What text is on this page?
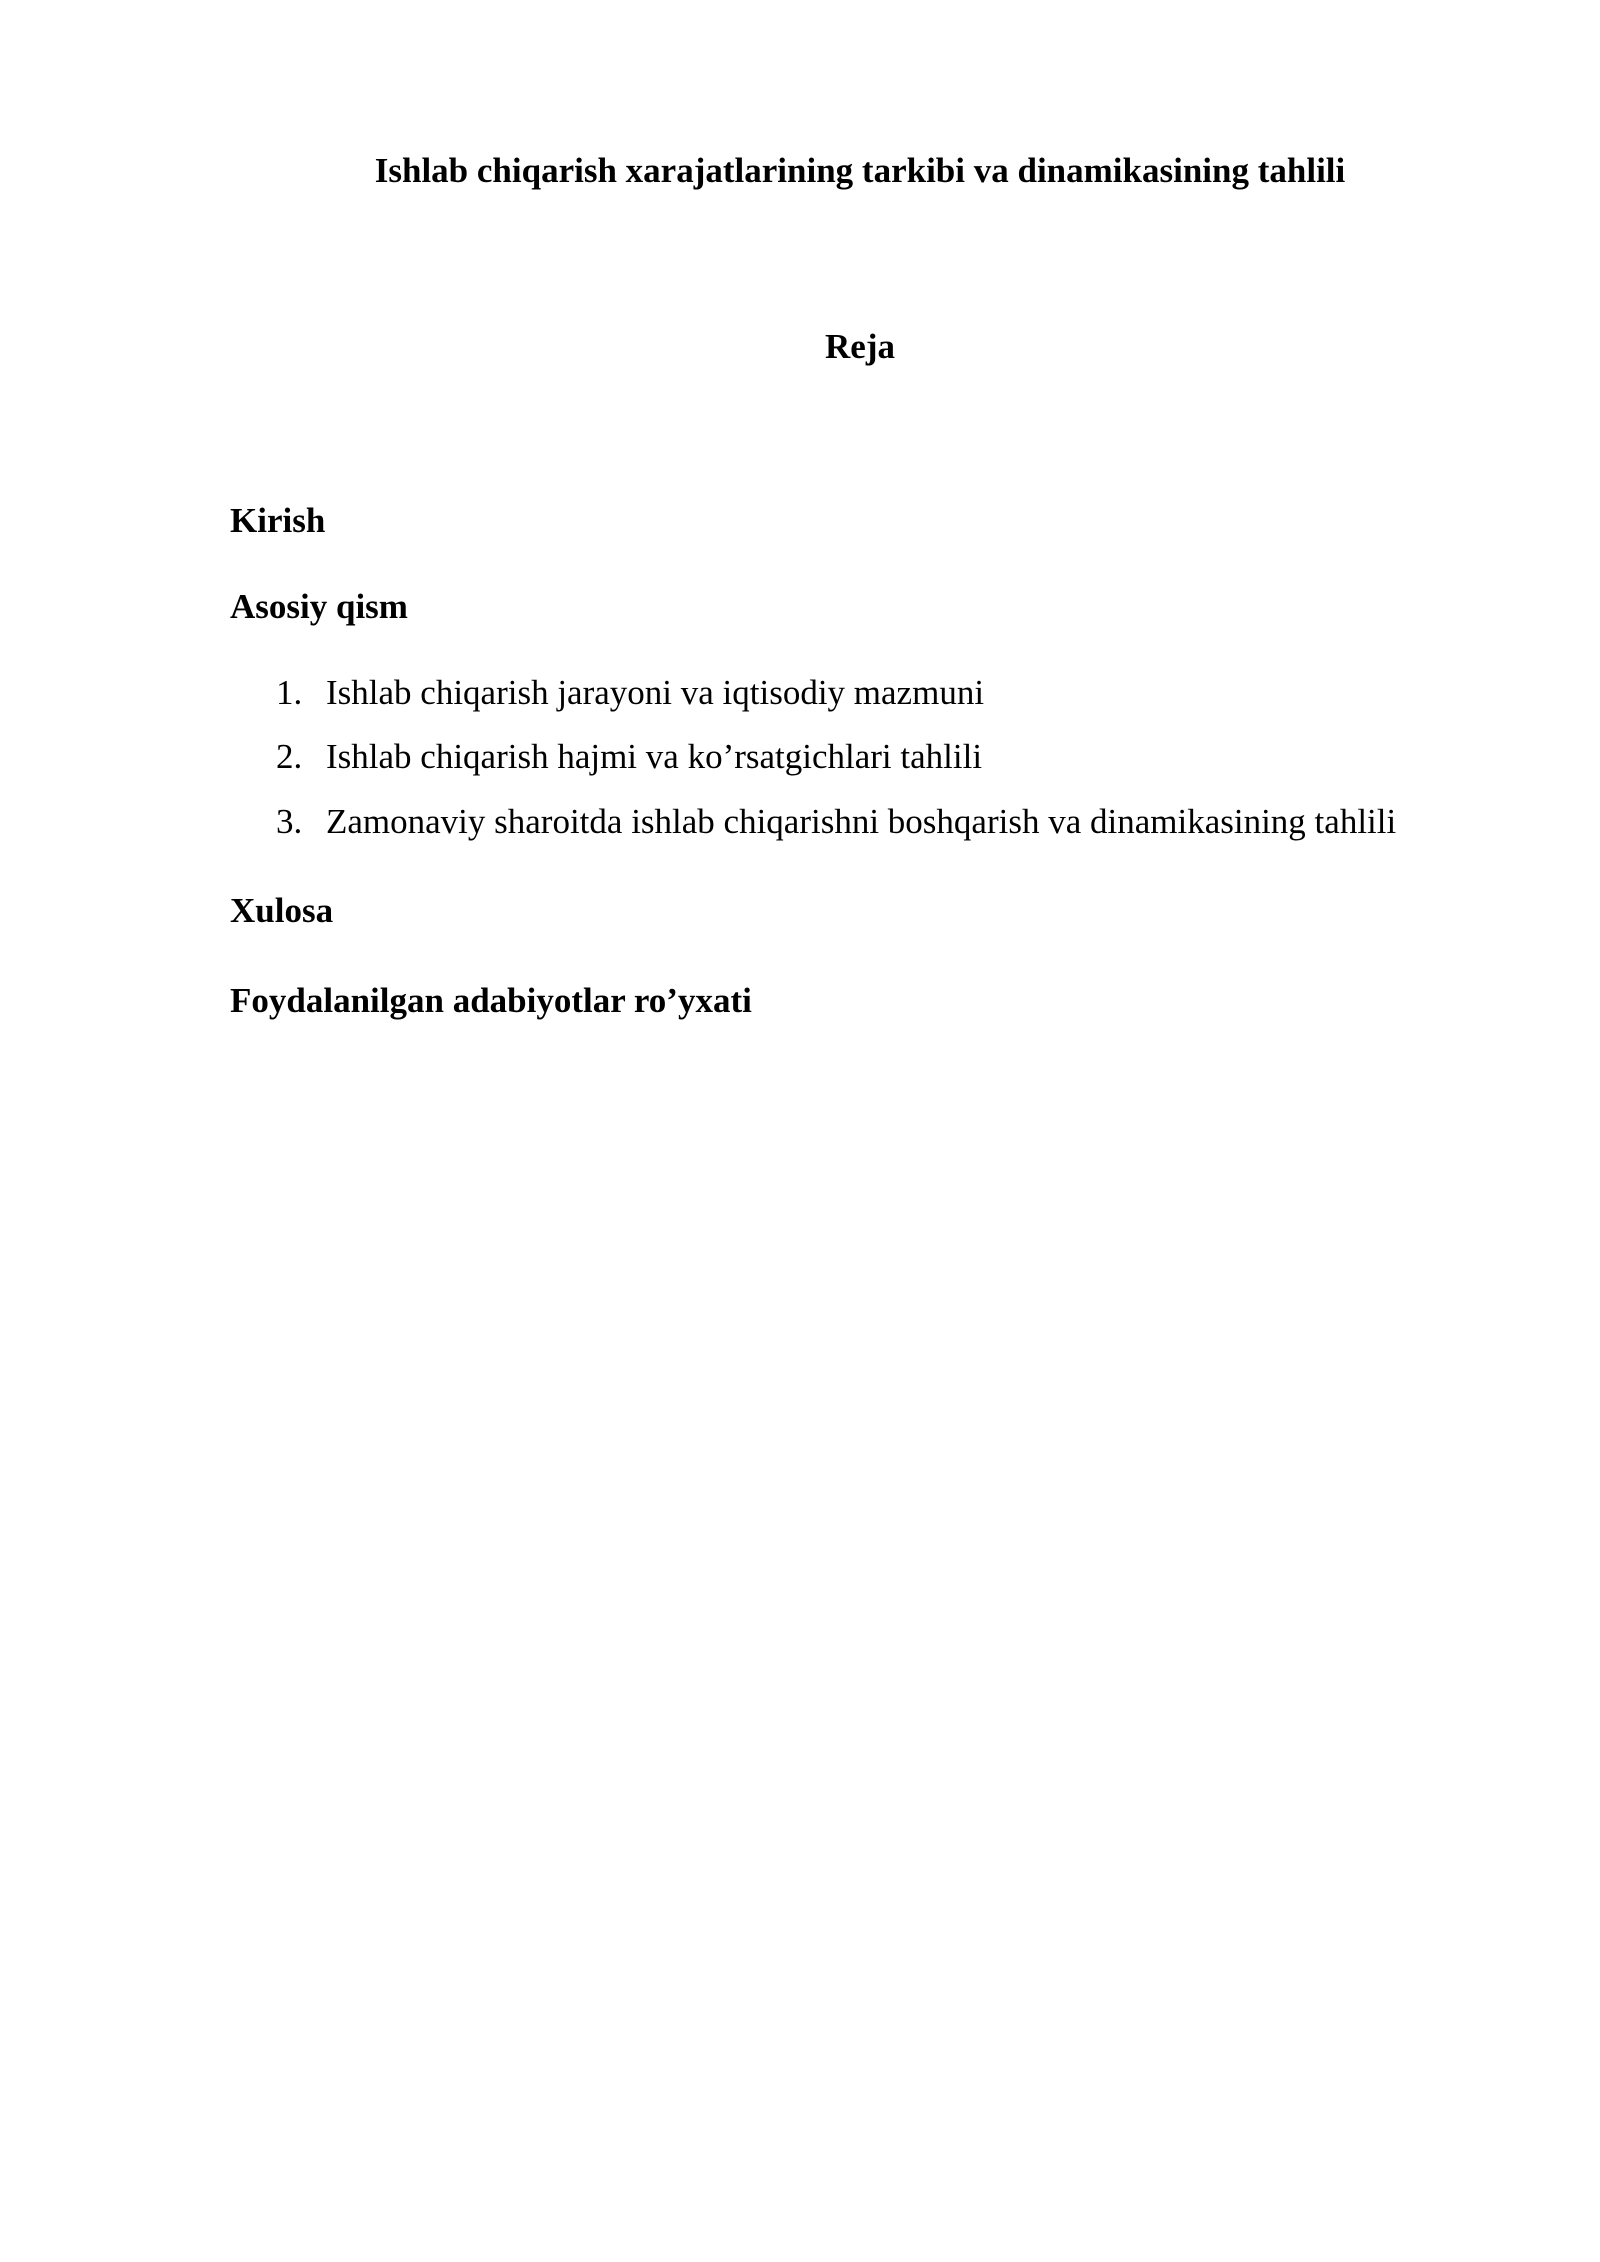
Ishlab chiqarish xarajatlarining tarkibi va dinamikasining tahlili
Reja

Kirish

Asosiy qism

1. Ishlab chiqarish jarayoni va iqtisodiy mazmuni
2. Ishlab chiqarish hajmi va ko’rsatgichlari tahlili
3. Zamonaviy sharoitda ishlab chiqarishni boshqarish va dinamikasining tahlili

Xulosa

Foydalanilgan adabiyotlar ro’yxati
